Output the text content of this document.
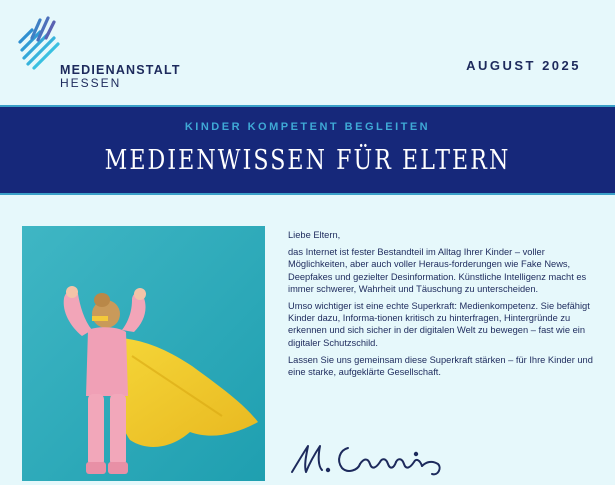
MEDIENANSTALT
HESSEN
AUGUST 2025
KINDER KOMPETENT BEGLEITEN
MEDIENWISSEN FÜR ELTERN

Liebe Eltern,

das Internet ist fester Bestandteil im Alltag Ihrer Kinder – voller Möglichkeiten, aber auch voller Heraus-forderungen wie Fake News, Deepfakes und gezielter Desinformation. Künstliche Intelligenz macht es immer schwerer, Wahrheit und Täuschung zu unterscheiden.

Umso wichtiger ist eine echte Superkraft: Medienkompetenz. Sie befähigt Kinder dazu, Informa-tionen kritisch zu hinterfragen, Hintergründe zu erkennen und sich sicher in der digitalen Welt zu bewegen – fast wie ein digitaler Schutzschild.

Lassen Sie uns gemeinsam diese Superkraft stärken – für Ihre Kinder und eine starke, aufgeklärte Gesellschaft.
